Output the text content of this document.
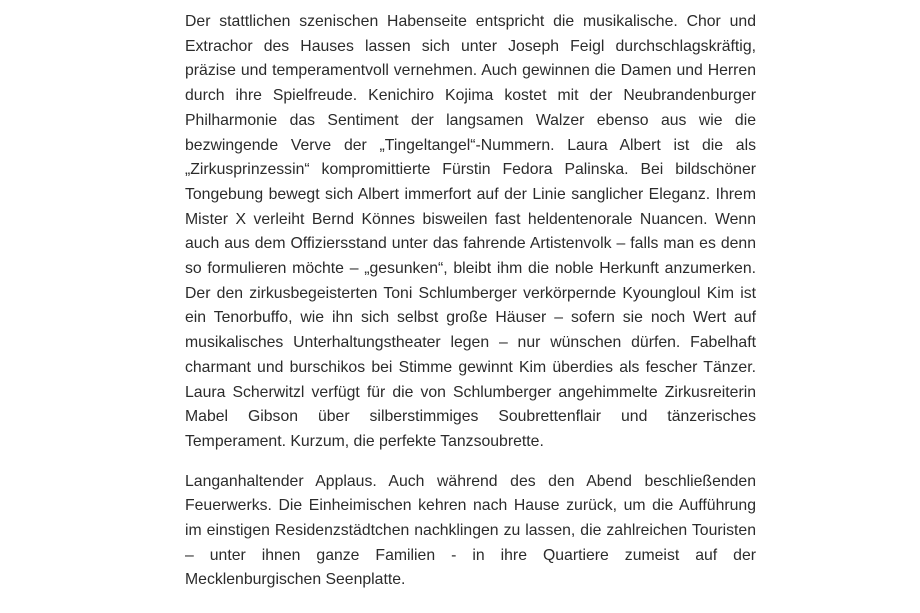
Der stattlichen szenischen Habenseite entspricht die musikalische. Chor und Extrachor des Hauses lassen sich unter Joseph Feigl durchschlagskräftig, präzise und temperamentvoll vernehmen. Auch gewinnen die Damen und Herren durch ihre Spielfreude. Kenichiro Kojima kostet mit der Neubrandenburger Philharmonie das Sentiment der langsamen Walzer ebenso aus wie die bezwingende Verve der „Tingeltangel“-Nummern. Laura Albert ist die als „Zirkusprinzessin“ kompromittierte Fürstin Fedora Palinska. Bei bildschöner Tongebung bewegt sich Albert immerfort auf der Linie sanglicher Eleganz. Ihrem Mister X verleiht Bernd Könnes bisweilen fast heldentenorale Nuancen. Wenn auch aus dem Offiziersstand unter das fahrende Artistenvolk – falls man es denn so formulieren möchte – „gesunken“, bleibt ihm die noble Herkunft anzumerken. Der den zirkusbegeisterten Toni Schlumberger verkörpernde Kyoungloul Kim ist ein Tenorbuffo, wie ihn sich selbst große Häuser – sofern sie noch Wert auf musikalisches Unterhaltungstheater legen – nur wünschen dürfen. Fabelhaft charmant und burschikos bei Stimme gewinnt Kim überdies als fescher Tänzer. Laura Scherwitzl verfügt für die von Schlumberger angehimmelte Zirkusreiterin Mabel Gibson über silberstimmiges Soubrettenflair und tänzerisches Temperament. Kurzum, die perfekte Tanzsoubrette.

Langanhaltender Applaus. Auch während des den Abend beschließenden Feuerwerks. Die Einheimischen kehren nach Hause zurück, um die Aufführung im einstigen Residenzstädtchen nachklingen zu lassen, die zahlreichen Touristen – unter ihnen ganze Familien - in ihre Quartiere zumeist auf der Mecklenburgischen Seenplatte.
